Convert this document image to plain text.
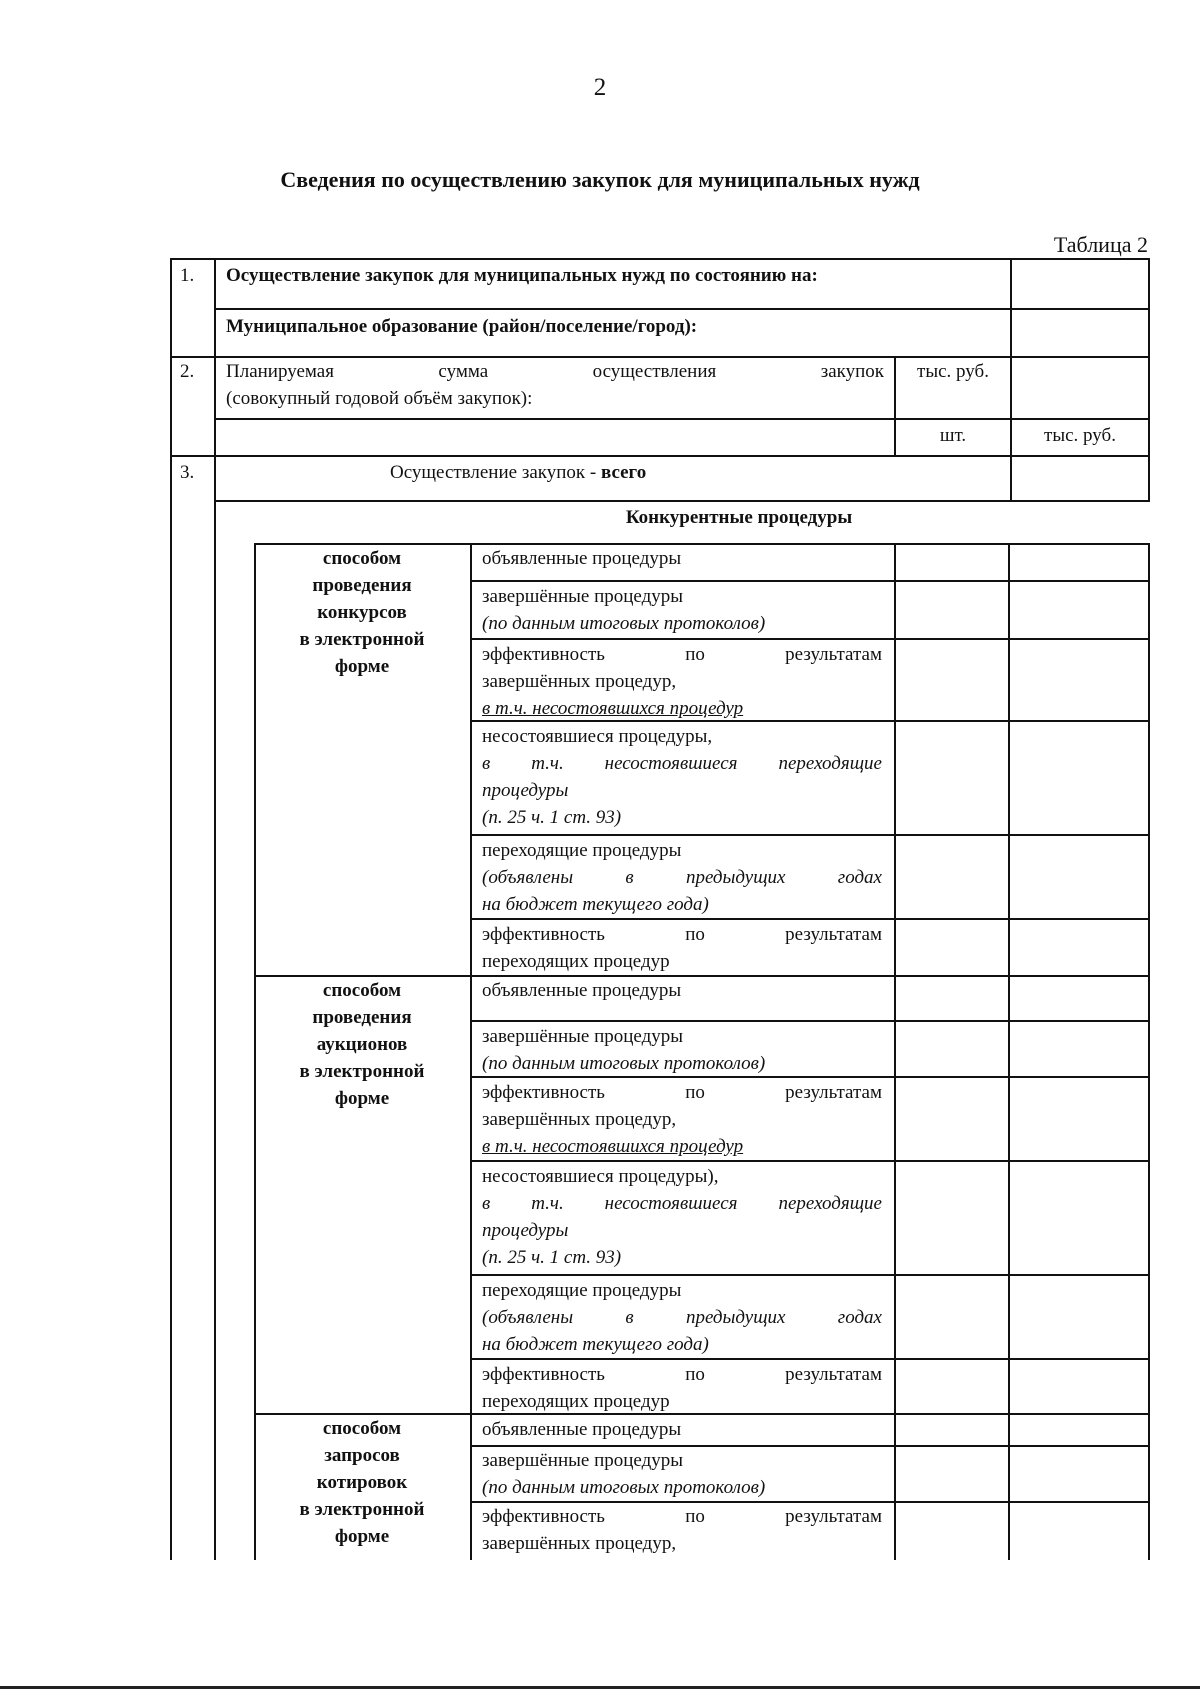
2
Сведения по осуществлению закупок для муниципальных нужд
Таблица 2
1. Осуществление закупок для муниципальных нужд по состоянию на:
Муниципальное образование (район/поселение/город):
2. Планируемая сумма осуществления закупок
(совокупный годовой объём закупок):
тыс. руб.
шт.	тыс. руб.
3.	Осуществление закупок - всего
Конкурентные процедуры
способом
проведения
конкурсов
в электронной
форме
способом
проведения
аукционов
в электронной
форме
способом
запросов
котировок
в электронной
форме
объявленные процедуры
завершённые процедуры
(по данным итоговых протоколов)
эффективность по результатам
завершённых процедур,
в т.ч. несостоявшихся процедур
несостоявшиеся процедуры,
в т.ч. несостоявшиеся переходящие
процедуры
(п. 25 ч. 1 ст. 93)
переходящие процедуры
(объявлены в предыдущих годах
на бюджет текущего года)
эффективность по результатам
переходящих процедур
объявленные процедуры
завершённые процедуры
(по данным итоговых протоколов)
эффективность по результатам
завершённых процедур,
в т.ч. несостоявшихся процедур
несостоявшиеся процедуры),
в т.ч. несостоявшиеся переходящие
процедуры
(п. 25 ч. 1 ст. 93)
переходящие процедуры
(объявлены в предыдущих годах
на бюджет текущего года)
эффективность по результатам
переходящих процедур
объявленные процедуры
завершённые процедуры
(по данным итоговых протоколов)
эффективность по результатам
завершённых процедур,
